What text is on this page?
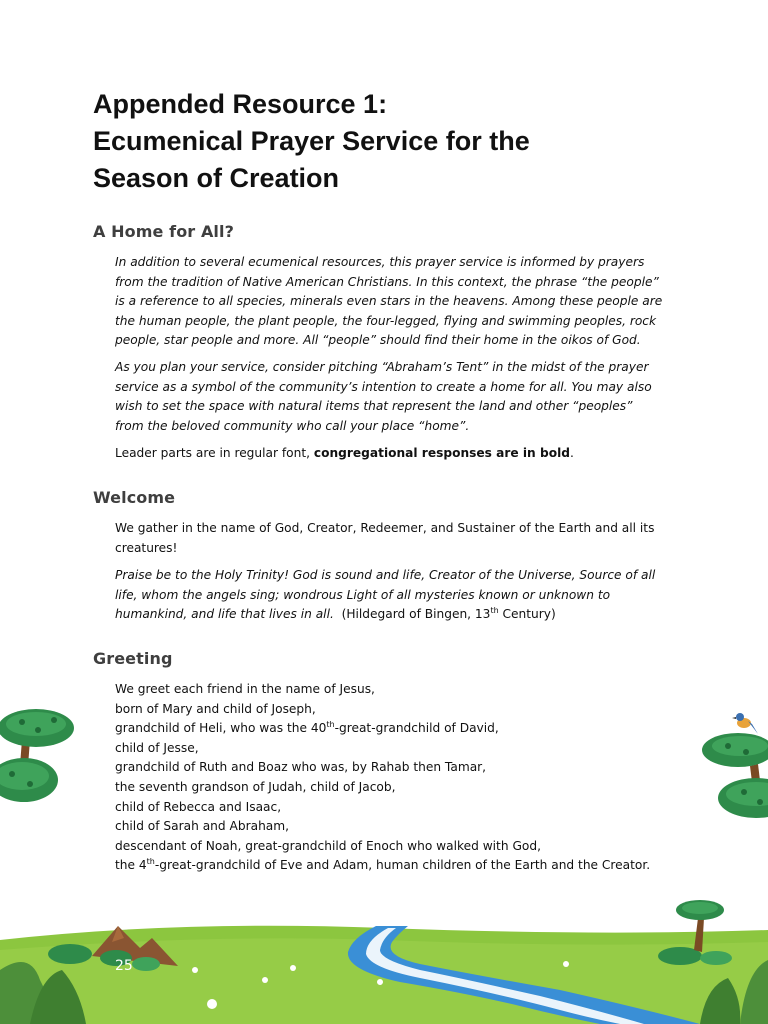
Appended Resource 1:
Ecumenical Prayer Service for the
Season of Creation
A Home for All?

In addition to several ecumenical resources, this prayer service is informed by prayers
from the tradition of Native American Christians. In this context, the phrase “the people”
is a reference to all species, minerals even stars in the heavens. Among these people are
the human people, the plant people, the four-legged, flying and swimming peoples, rock
people, star people and more. All “people” should find their home in the oikos of God.

As you plan your service, consider pitching “Abraham’s Tent” in the midst of the prayer
service as a symbol of the community’s intention to create a home for all. You may also
wish to set the space with natural items that represent the land and other “peoples”
from the beloved community who call your place “home”.

Leader parts are in regular font, congregational responses are in bold.

Welcome

We gather in the name of God, Creator, Redeemer, and Sustainer of the Earth and all its
creatures!

Praise be to the Holy Trinity! God is sound and life, Creator of the Universe, Source of all
life, whom the angels sing; wondrous Light of all mysteries known or unknown to
humankind, and life that lives in all. (Hildegard of Bingen, 13th Century)

Greeting

We greet each friend in the name of Jesus,
born of Mary and child of Joseph,
grandchild of Heli, who was the 40th-great-grandchild of David,
child of Jesse,
grandchild of Ruth and Boaz who was, by Rahab then Tamar,
the seventh grandson of Judah, child of Jacob,
child of Rebecca and Isaac,
child of Sarah and Abraham,
descendant of Noah, great-grandchild of Enoch who walked with God,
the 4th-great-grandchild of Eve and Adam, human children of the Earth and the Creator.

25
